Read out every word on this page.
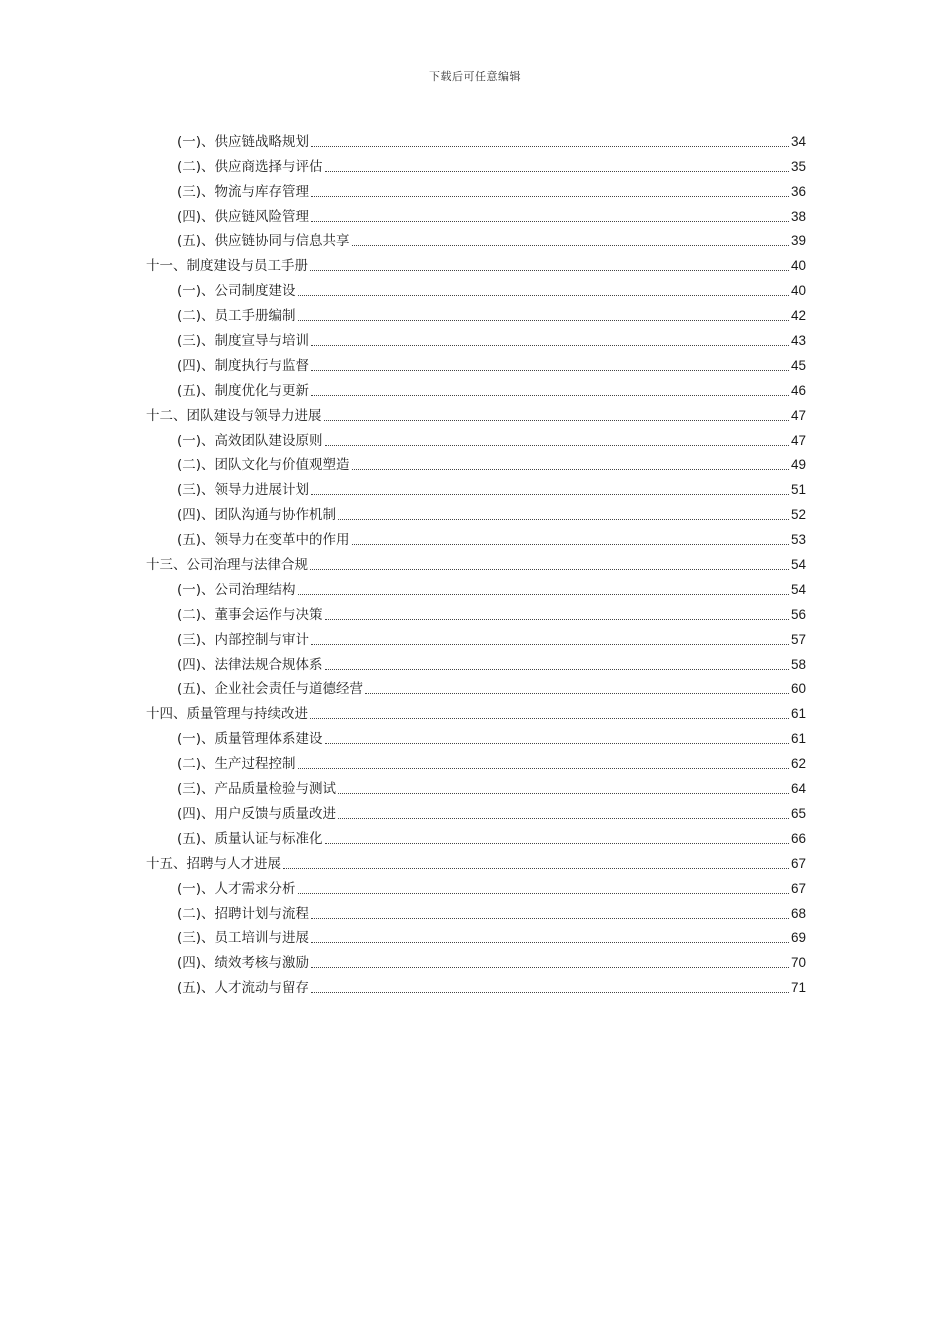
下载后可任意编辑
(一)、供应链战略规划	34
(二)、供应商选择与评估	35
(三)、物流与库存管理	36
(四)、供应链风险管理	38
(五)、供应链协同与信息共享	39
十一、制度建设与员工手册	40
(一)、公司制度建设	40
(二)、员工手册编制	42
(三)、制度宣导与培训	43
(四)、制度执行与监督	45
(五)、制度优化与更新	46
十二、团队建设与领导力进展	47
(一)、高效团队建设原则	47
(二)、团队文化与价值观塑造	49
(三)、领导力进展计划	51
(四)、团队沟通与协作机制	52
(五)、领导力在变革中的作用	53
十三、公司治理与法律合规	54
(一)、公司治理结构	54
(二)、董事会运作与决策	56
(三)、内部控制与审计	57
(四)、法律法规合规体系	58
(五)、企业社会责任与道德经营	60
十四、质量管理与持续改进	61
(一)、质量管理体系建设	61
(二)、生产过程控制	62
(三)、产品质量检验与测试	64
(四)、用户反馈与质量改进	65
(五)、质量认证与标准化	66
十五、招聘与人才进展	67
(一)、人才需求分析	67
(二)、招聘计划与流程	68
(三)、员工培训与进展	69
(四)、绩效考核与激励	70
(五)、人才流动与留存	71
